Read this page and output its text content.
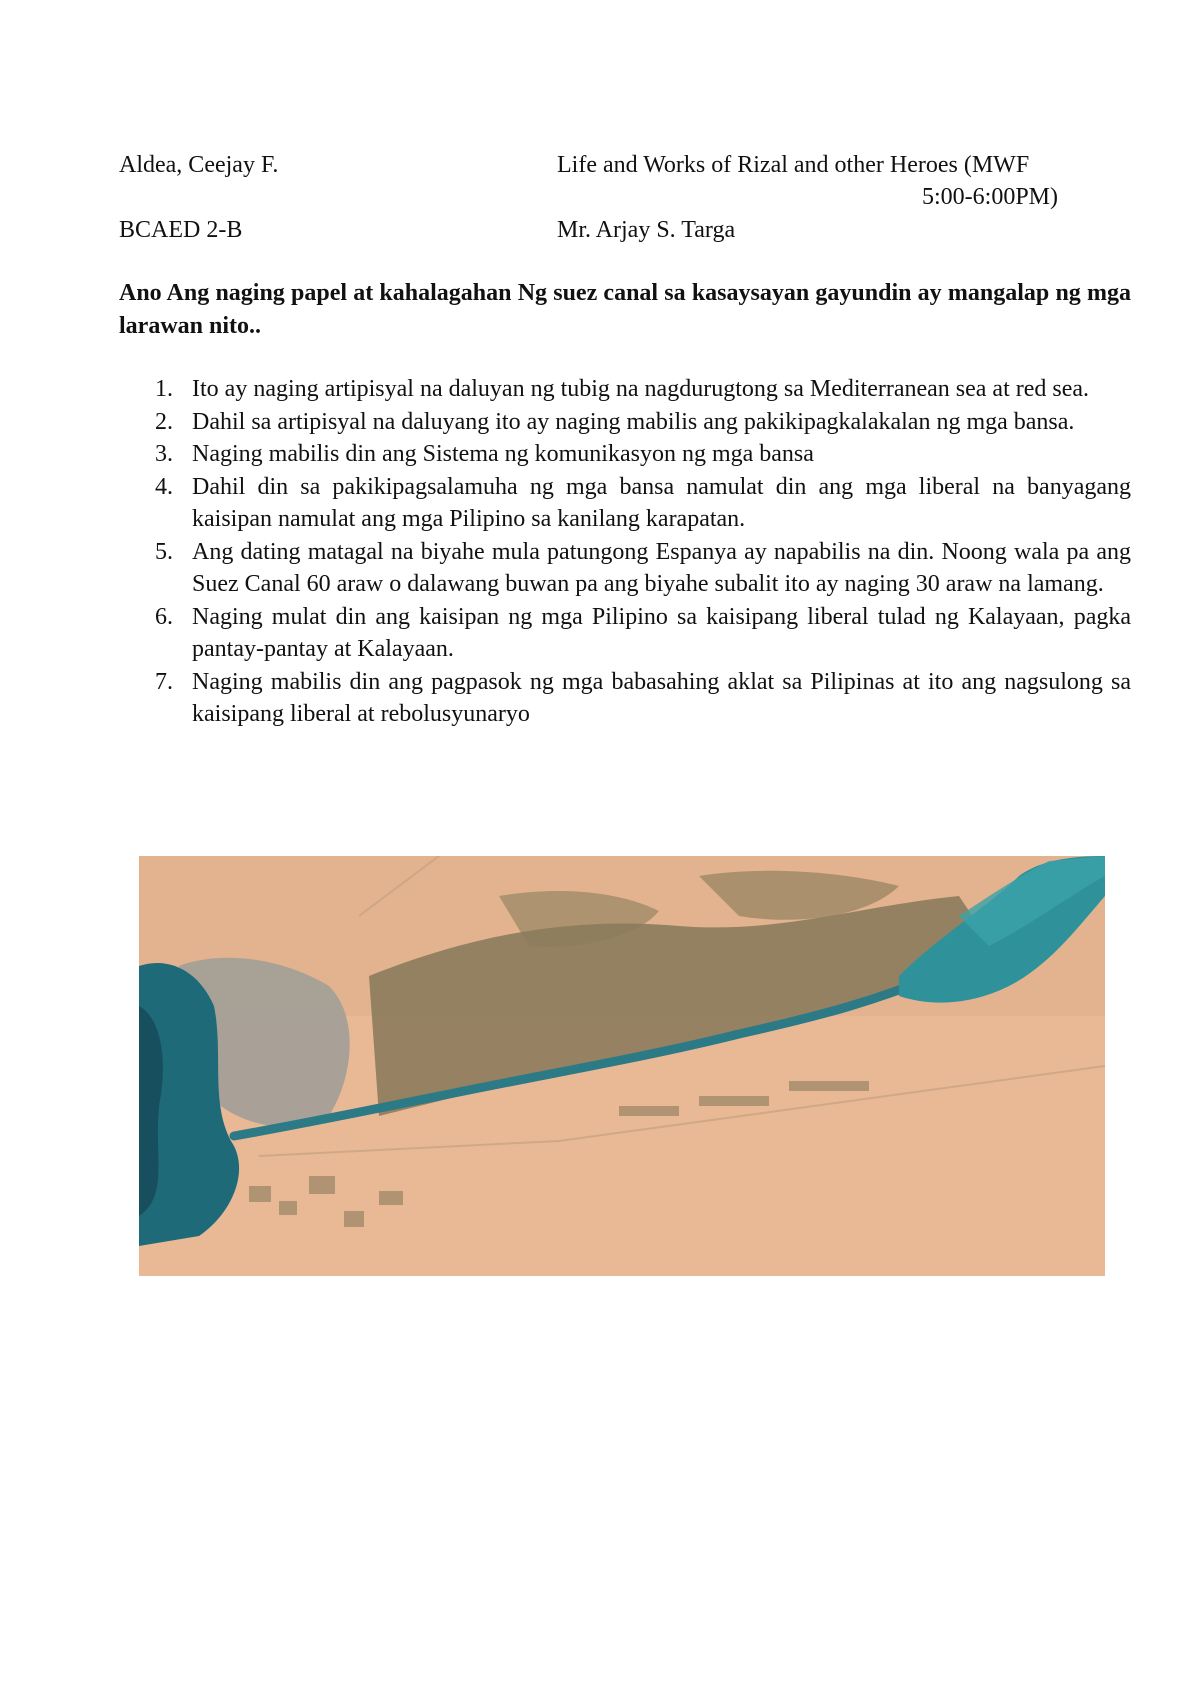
Aldea, Ceejay F.	Life and Works of Rizal and other Heroes (MWF
5:00-6:00PM)
BCAED 2-B	Mr. Arjay S. Targa
Ano Ang naging papel at kahalagahan Ng suez canal sa kasaysayan gayundin ay mangalap ng mga larawan nito..
1. Ito ay naging artipisyal na daluyan ng tubig na nagdurugtong sa Mediterranean sea at red sea.
2. Dahil sa artipisyal na daluyang ito ay naging mabilis ang pakikipagkalakalan ng mga bansa.
3. Naging mabilis din ang Sistema ng komunikasyon ng mga bansa
4. Dahil din sa pakikipagsalamuha ng mga bansa namulat din ang mga liberal na banyagang kaisipan namulat ang mga Pilipino sa kanilang karapatan.
5. Ang dating matagal na biyahe mula patungong Espanya ay napabilis na din. Noong wala pa ang Suez Canal 60 araw o dalawang buwan pa ang biyahe subalit ito ay naging 30 araw na lamang.
6. Naging mulat din ang kaisipan ng mga Pilipino sa kaisipang liberal tulad ng Kalayaan, pagka pantay-pantay at Kalayaan.
7. Naging mabilis din ang pagpasok ng mga babasahing aklat sa Pilipinas at ito ang nagsulong sa kaisipang liberal at rebolusyunaryo
